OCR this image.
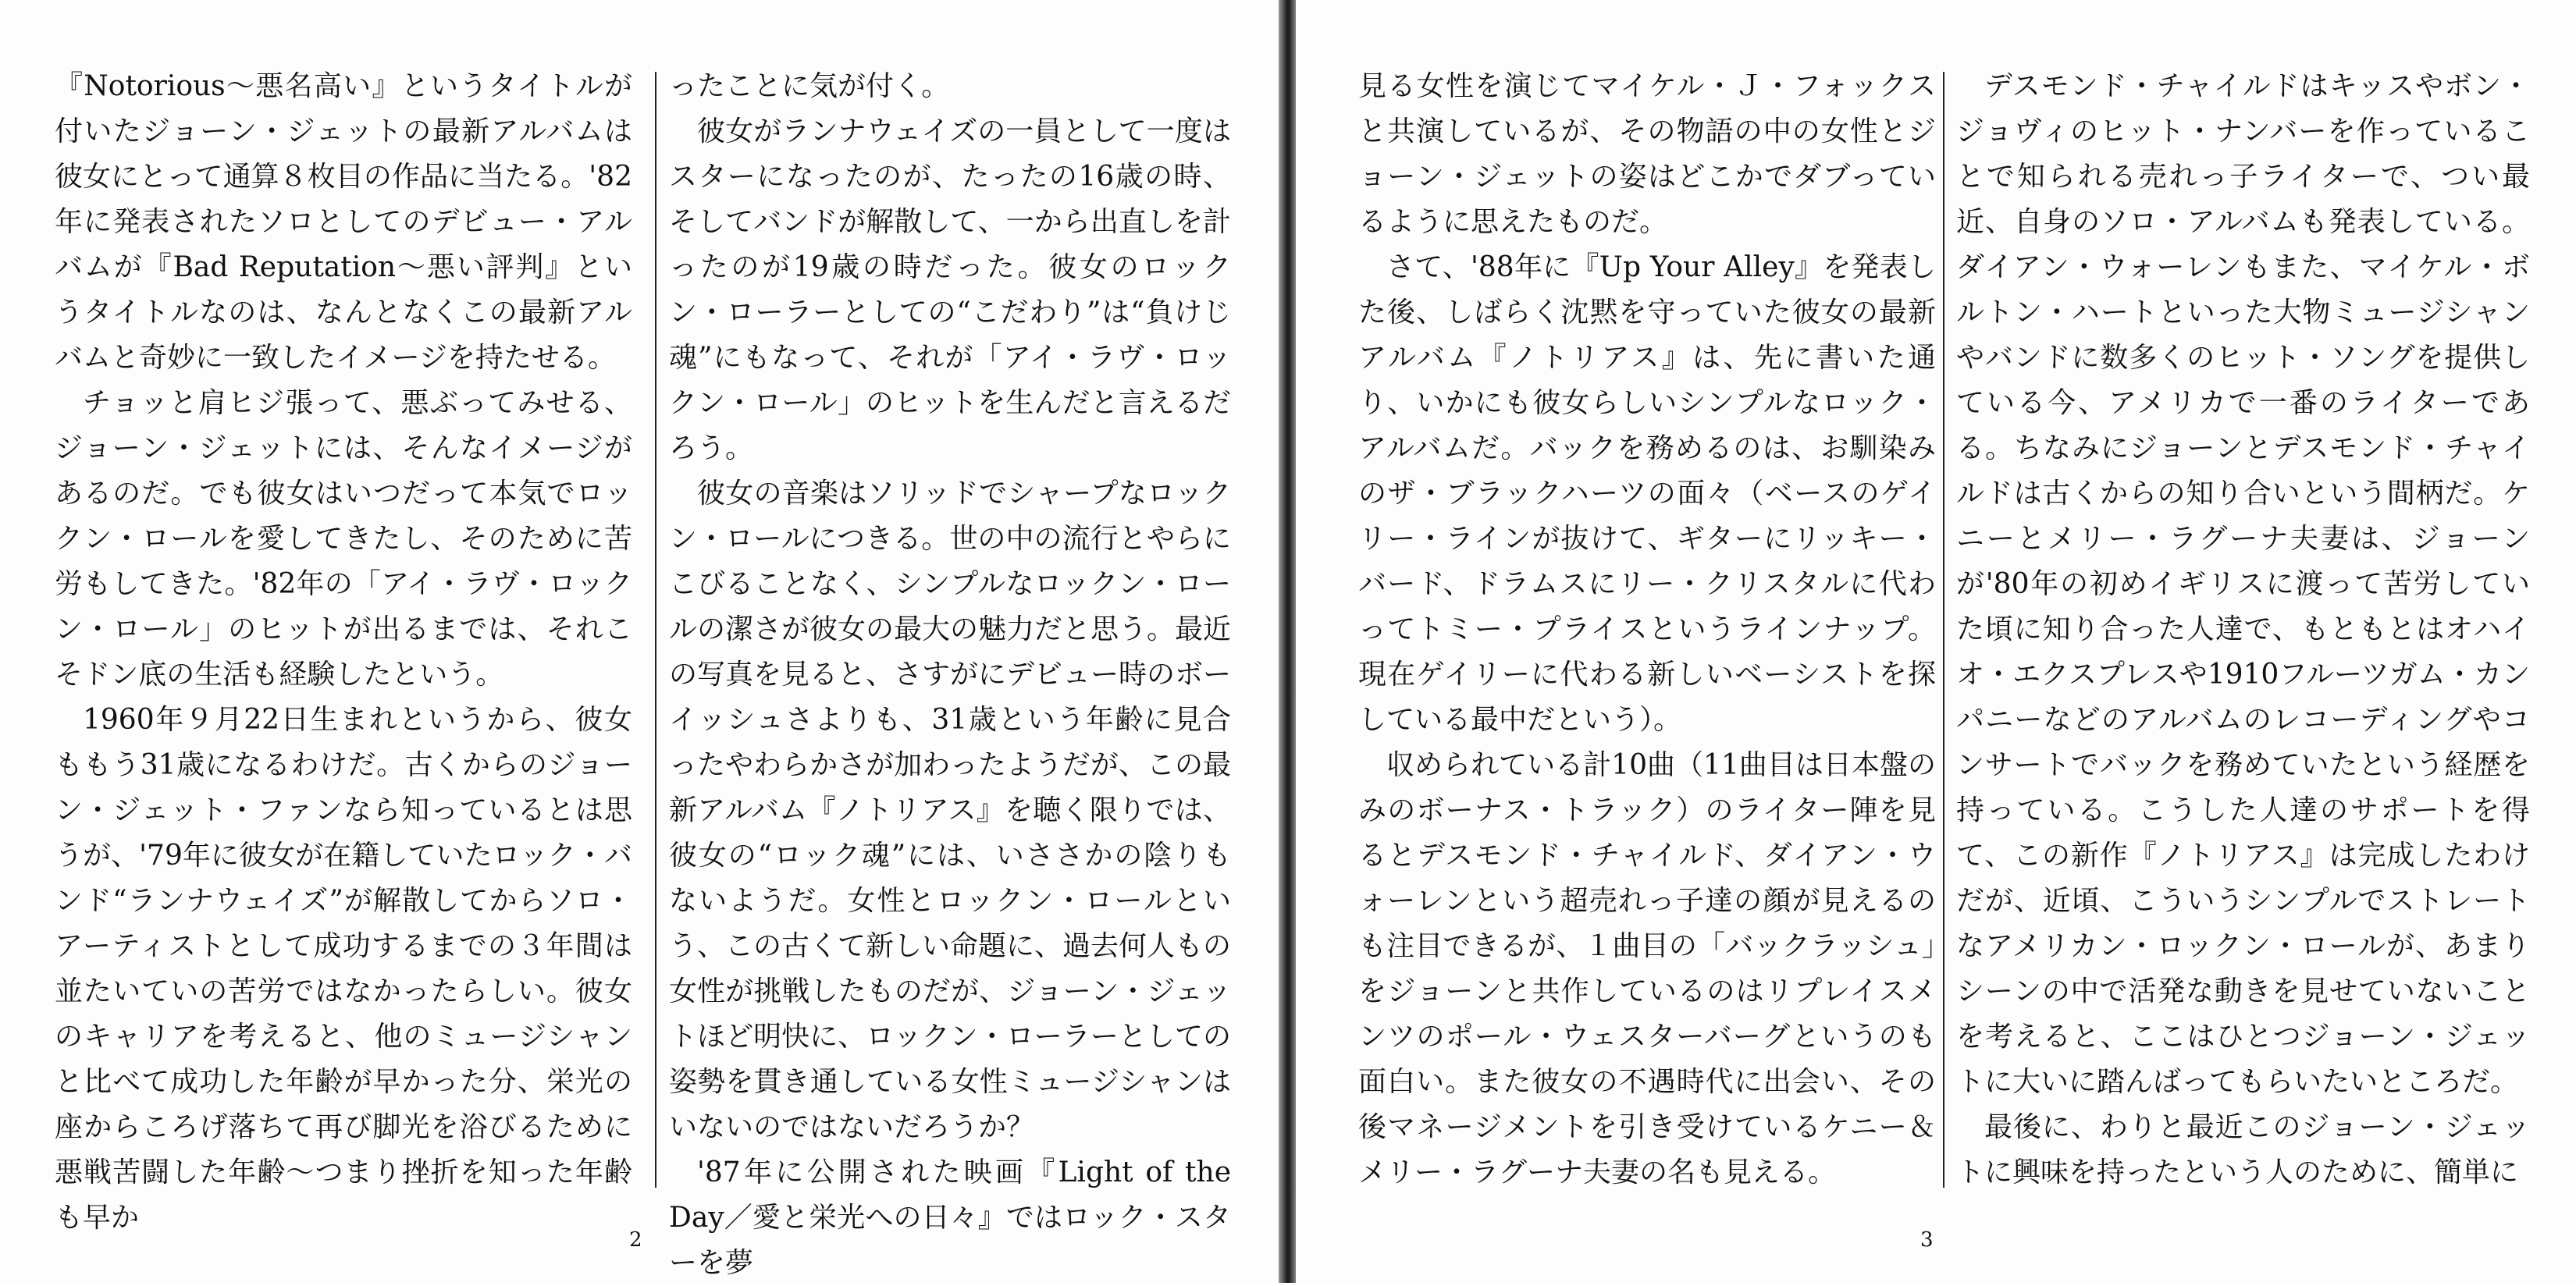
『Notorious～悪名高い』というタイトルが付いたジョーン・ジェットの最新アルバムは彼女にとって通算８枚目の作品に当たる。'82年に発表されたソロとしてのデビュー・アルバムが『Bad Reputation～悪い評判』というタイトルなのは、なんとなくこの最新アルバムと奇妙に一致したイメージを持たせる。

チョッと肩ヒジ張って、悪ぶってみせる、ジョーン・ジェットには、そんなイメージがあるのだ。でも彼女はいつだって本気でロックン・ロールを愛してきたし、そのために苦労もしてきた。'82年の「アイ・ラヴ・ロックン・ロール」のヒットが出るまでは、それこそドン底の生活も経験したという。

1960年９月22日生まれというから、彼女ももう31歳になるわけだ。古くからのジョーン・ジェット・ファンなら知っているとは思うが、'79年に彼女が在籍していたロック・バンド“ランナウェイズ”が解散してからソロ・アーティストとして成功するまでの３年間は並たいていの苦労ではなかったらしい。彼女のキャリアを考えると、他のミュージシャンと比べて成功した年齢が早かった分、栄光の座からころげ落ちて再び脚光を浴びるために悪戦苦闘した年齢～つまり挫折を知った年齢も早か

ったことに気が付く。

彼女がランナウェイズの一員として一度はスターになったのが、たったの16歳の時、そしてバンドが解散して、一から出直しを計ったのが19歳の時だった。彼女のロックン・ローラーとしての“こだわり”は“負けじ魂”にもなって、それが「アイ・ラヴ・ロックン・ロール」のヒットを生んだと言えるだろう。

彼女の音楽はソリッドでシャープなロックン・ロールにつきる。世の中の流行とやらにこびることなく、シンプルなロックン・ロールの潔さが彼女の最大の魅力だと思う。最近の写真を見ると、さすがにデビュー時のボーイッシュさよりも、31歳という年齢に見合ったやわらかさが加わったようだが、この最新アルバム『ノトリアス』を聴く限りでは、彼女の“ロック魂”には、いささかの陰りもないようだ。女性とロックン・ロールという、この古くて新しい命題に、過去何人もの女性が挑戦したものだが、ジョーン・ジェットほど明快に、ロックン・ローラーとしての姿勢を貫き通している女性ミュージシャンはいないのではないだろうか？

'87年に公開された映画『Light of the Day／愛と栄光への日々』ではロック・スターを夢

2

見る女性を演じてマイケル・Ｊ・フォックスと共演しているが、その物語の中の女性とジョーン・ジェットの姿はどこかでダブっているように思えたものだ。

さて、'88年に『Up Your Alley』を発表した後、しばらく沈黙を守っていた彼女の最新アルバム『ノトリアス』は、先に書いた通り、いかにも彼女らしいシンプルなロック・アルバムだ。バックを務めるのは、お馴染みのザ・ブラックハーツの面々（ベースのゲイリー・ラインが抜けて、ギターにリッキー・バード、ドラムスにリー・クリスタルに代わってトミー・プライスというラインナップ。現在ゲイリーに代わる新しいベーシストを探している最中だという）。

収められている計10曲（11曲目は日本盤のみのボーナス・トラック）のライター陣を見るとデスモンド・チャイルド、ダイアン・ウォーレンという超売れっ子達の顔が見えるのも注目できるが、１曲目の「バックラッシュ」をジョーンと共作しているのはリプレイスメンツのポール・ウェスターバーグというのも面白い。また彼女の不遇時代に出会い、その後マネージメントを引き受けているケニー＆メリー・ラグーナ夫妻の名も見える。

デスモンド・チャイルドはキッスやボン・ジョヴィのヒット・ナンバーを作っていることで知られる売れっ子ライターで、つい最近、自身のソロ・アルバムも発表している。ダイアン・ウォーレンもまた、マイケル・ボルトン・ハートといった大物ミュージシャンやバンドに数多くのヒット・ソングを提供している今、アメリカで一番のライターである。ちなみにジョーンとデスモンド・チャイルドは古くからの知り合いという間柄だ。ケニーとメリー・ラグーナ夫妻は、ジョーンが'80年の初めイギリスに渡って苦労していた頃に知り合った人達で、もともとはオハイオ・エクスプレスや1910フルーツガム・カンパニーなどのアルバムのレコーディングやコンサートでバックを務めていたという経歴を持っている。こうした人達のサポートを得て、この新作『ノトリアス』は完成したわけだが、近頃、こういうシンプルでストレートなアメリカン・ロックン・ロールが、あまりシーンの中で活発な動きを見せていないことを考えると、ここはひとつジョーン・ジェットに大いに踏んばってもらいたいところだ。

最後に、わりと最近このジョーン・ジェットに興味を持ったという人のために、簡単に

3
